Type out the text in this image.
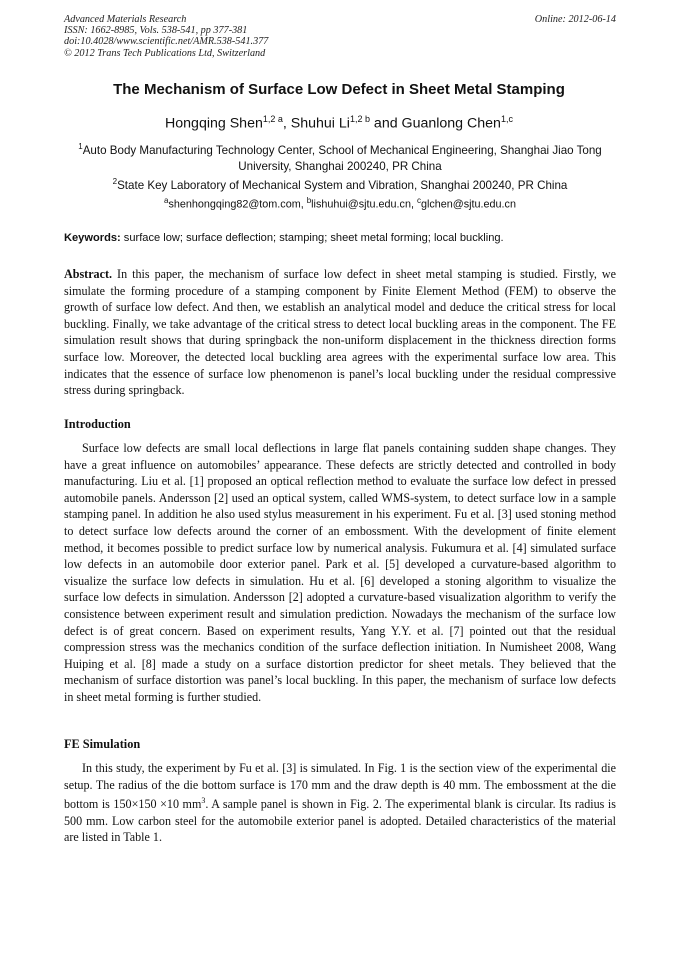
Advanced Materials Research
ISSN: 1662-8985, Vols. 538-541, pp 377-381
doi:10.4028/www.scientific.net/AMR.538-541.377
© 2012 Trans Tech Publications Ltd, Switzerland
Online: 2012-06-14
The Mechanism of Surface Low Defect in Sheet Metal Stamping
Hongqing Shen$^{1,2 a}$, Shuhui $Li^{1,2 b}$ and Guanlong Chen$^{1,c}$
$^1$Auto Body Manufacturing Technology Center, School of Mechanical Engineering, Shanghai Jiao Tong University, Shanghai 200240, PR China
$^2$State Key Laboratory of Mechanical System and Vibration, Shanghai 200240, PR China
$^a$shenhongqing82@tom.com, $^b$lishuhui@sjtu.edu.cn, $^c$glchen@sjtu.edu.cn
Keywords: surface low; surface deflection; stamping; sheet metal forming; local buckling.
Abstract. In this paper, the mechanism of surface low defect in sheet metal stamping is studied. Firstly, we simulate the forming procedure of a stamping component by Finite Element Method (FEM) to observe the growth of surface low defect. And then, we establish an analytical model and deduce the critical stress for local buckling. Finally, we take advantage of the critical stress to detect local buckling areas in the component. The FE simulation result shows that during springback the non-uniform displacement in the thickness direction forms surface low. Moreover, the detected local buckling area agrees with the experimental surface low area. This indicates that the essence of surface low phenomenon is panel’s local buckling under the residual compressive stress during springback.
Introduction
Surface low defects are small local deflections in large flat panels containing sudden shape changes. They have a great influence on automobiles’ appearance. These defects are strictly detected and controlled in body manufacturing. Liu et al. [1] proposed an optical reflection method to evaluate the surface low defect in pressed automobile panels. Andersson [2] used an optical system, called WMS-system, to detect surface low in a sample stamping panel. In addition he also used stylus measurement in his experiment. Fu et al. [3] used stoning method to detect surface low defects around the corner of an embossment. With the development of finite element method, it becomes possible to predict surface low by numerical analysis. Fukumura et al. [4] simulated surface low defects in an automobile door exterior panel. Park et al. [5] developed a curvature-based algorithm to visualize the surface low defects in simulation. Hu et al. [6] developed a stoning algorithm to visualize the surface low defects in simulation. Andersson [2] adopted a curvature-based visualization algorithm to verify the consistence between experiment result and simulation prediction. Nowadays the mechanism of the surface low defect is of great concern. Based on experiment results, Yang Y.Y. et al. [7] pointed out that the residual compression stress was the mechanics condition of the surface deflection initiation. In Numisheet 2008, Wang Huiping et al. [8] made a study on a surface distortion predictor for sheet metals. They believed that the mechanism of surface distortion was panel’s local buckling. In this paper, the mechanism of surface low defects in sheet metal forming is further studied.
FE Simulation
In this study, the experiment by Fu et al. [3] is simulated. In Fig. 1 is the section view of the experimental die setup. The radius of the die bottom surface is 170 mm and the draw depth is 40 mm. The embossment at the die bottom is 150×150 ×10 $mm^3$. A sample panel is shown in Fig. 2. The experimental blank is circular. Its radius is 500 mm. Low carbon steel for the automobile exterior panel is adopted. Detailed characteristics of the material are listed in Table 1.
